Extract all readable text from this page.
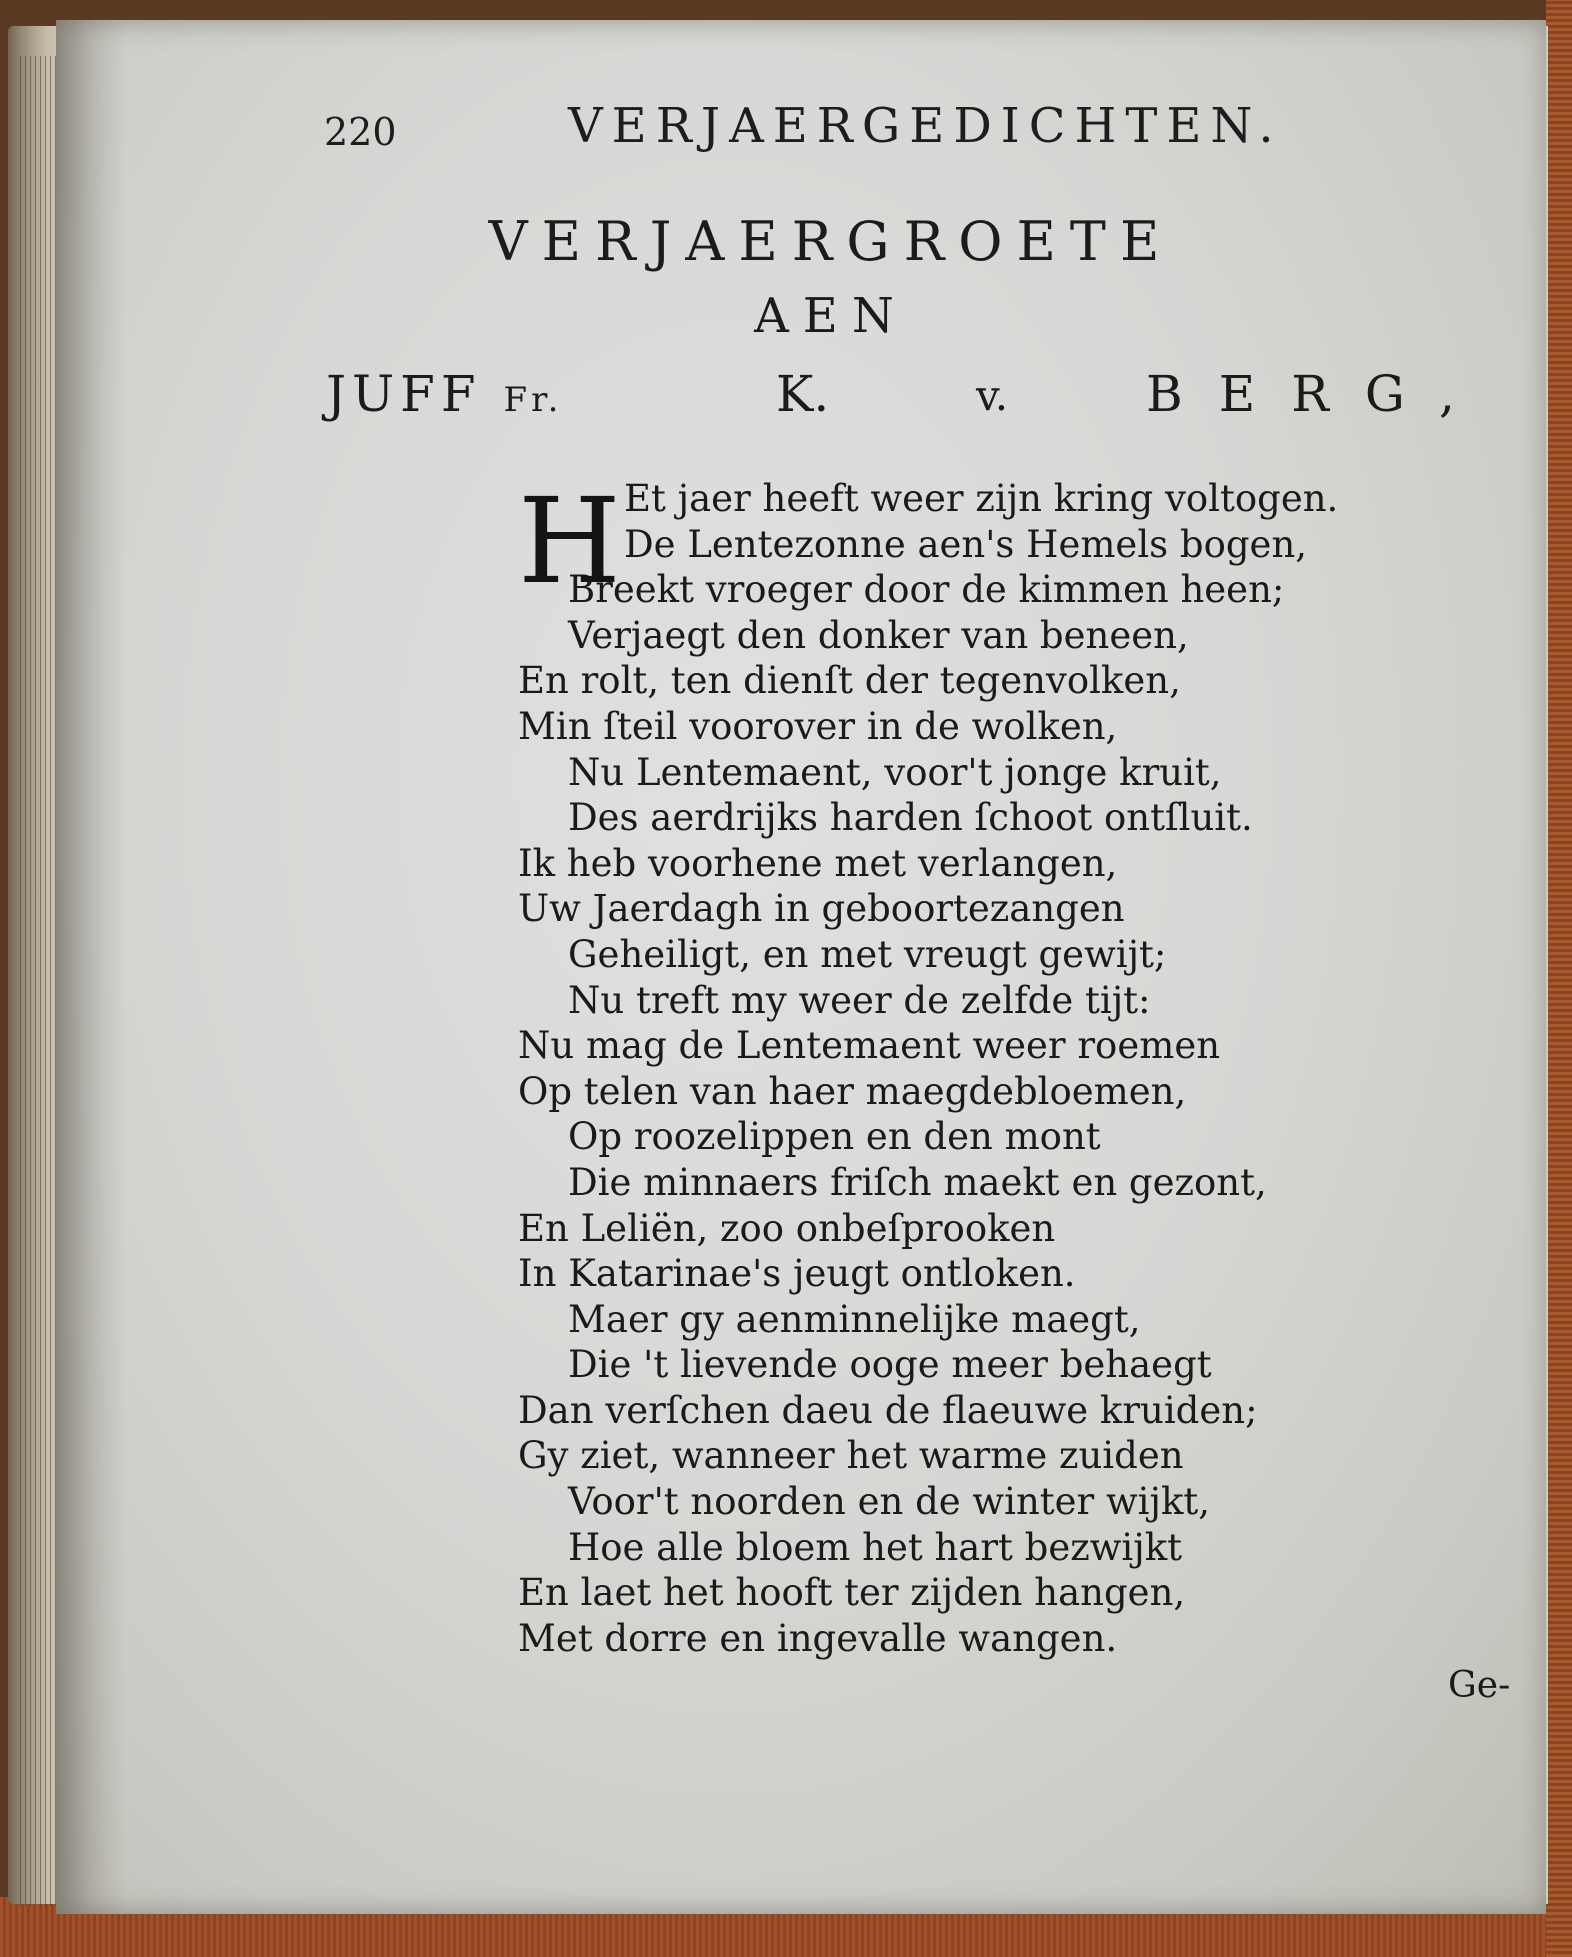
220	VERJAERGEDICHTEN.
VERJAERGROETE
AEN
JUFF Fr.	K.	v.	BERG,
H Et jaer heeft weer zijn kring voltogen.
De Lentezonne aen's Hemels bogen,
Breekt vroeger door de kimmen heen;
Verjaegt den donker van beneen,
En rolt, ten dienſt der tegenvolken,
Min ſteil voorover in de wolken,
Nu Lentemaent, voor't jonge kruit,
Des aerdrijks harden ſchoot ontſluit.
Ik heb voorhene met verlangen,
Uw Jaerdagh in geboortezangen
Geheiligt, en met vreugt gewijt;
Nu treft my weer de zelfde tijt:
Nu mag de Lentemaent weer roemen
Op telen van haer maegdebloemen,
Op roozelippen en den mont
Die minnaers friſch maekt en gezont,
En Leliën, zoo onbeſprooken
In Katarinae's jeugt ontloken.
Maer gy aenminnelijke maegt,
Die 't lievende ooge meer behaegt
Dan verſchen daeu de flaeuwe kruiden;
Gy ziet, wanneer het warme zuiden
Voor't noorden en de winter wijkt,
Hoe alle bloem het hart bezwijkt
En laet het hooft ter zijden hangen,
Met dorre en ingevalle wangen.
Ge-
